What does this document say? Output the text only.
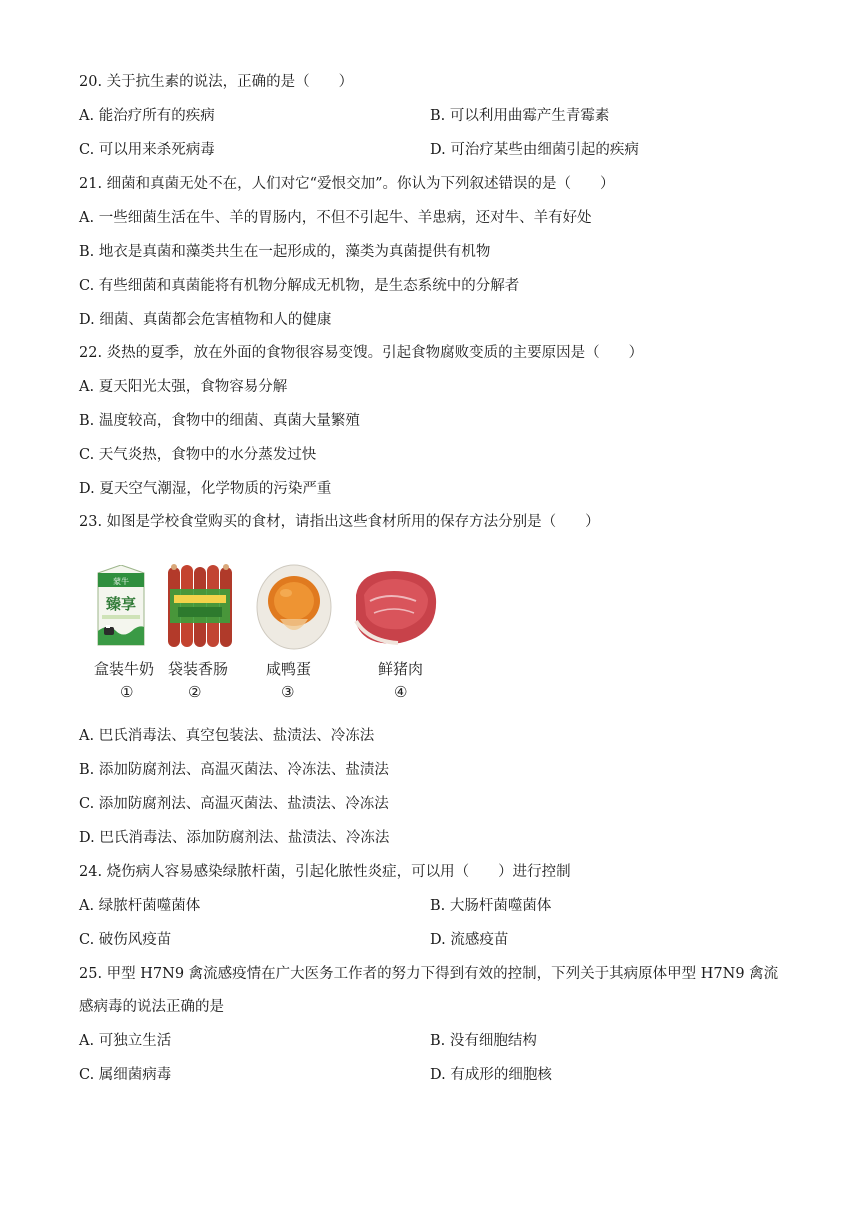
20. 关于抗生素的说法，正确的是（　　）
A. 能治疗所有的疾病	B. 可以利用曲霉产生青霉素
C. 可以用来杀死病毒	D. 可治疗某些由细菌引起的疾病
21. 细菌和真菌无处不在，人们对它“爱恨交加”。你认为下列叙述错误的是（　　）
A. 一些细菌生活在牛、羊的胃肠内，不但不引起牛、羊患病，还对牛、羊有好处
B. 地衣是真菌和藻类共生在一起形成的，藻类为真菌提供有机物
C. 有些细菌和真菌能将有机物分解成无机物，是生态系统中的分解者
D. 细菌、真菌都会危害植物和人的健康
22. 炎热的夏季，放在外面的食物很容易变馊。引起食物腐败变质的主要原因是（　　）
A. 夏天阳光太强，食物容易分解
B. 温度较高，食物中的细菌、真菌大量繁殖
C. 天气炎热，食物中的水分蒸发过快
D. 夏天空气潮湿，化学物质的污染严重
23. 如图是学校食堂购买的食材，请指出这些食材所用的保存方法分别是（　　）
蒙牛
臻享
盒装牛奶 袋装香肠	咸鸭蛋	鲜猪肉
①	②	③	④
A. 巴氏消毒法、真空包装法、盐渍法、冷冻法
B. 添加防腐剂法、高温灭菌法、冷冻法、盐渍法
C. 添加防腐剂法、高温灭菌法、盐渍法、冷冻法
D. 巴氏消毒法、添加防腐剂法、盐渍法、冷冻法
24. 烧伤病人容易感染绿脓杆菌，引起化脓性炎症，可以用（　　）进行控制
A. 绿脓杆菌噬菌体	B. 大肠杆菌噬菌体
C. 破伤风疫苗	D. 流感疫苗
25. 甲型 H7N9 禽流感疫情在广大医务工作者的努力下得到有效的控制，下列关于其病原体甲型 H7N9 禽流
感病毒的说法正确的是
A. 可独立生活	B. 没有细胞结构
C. 属细菌病毒	D. 有成形的细胞核
